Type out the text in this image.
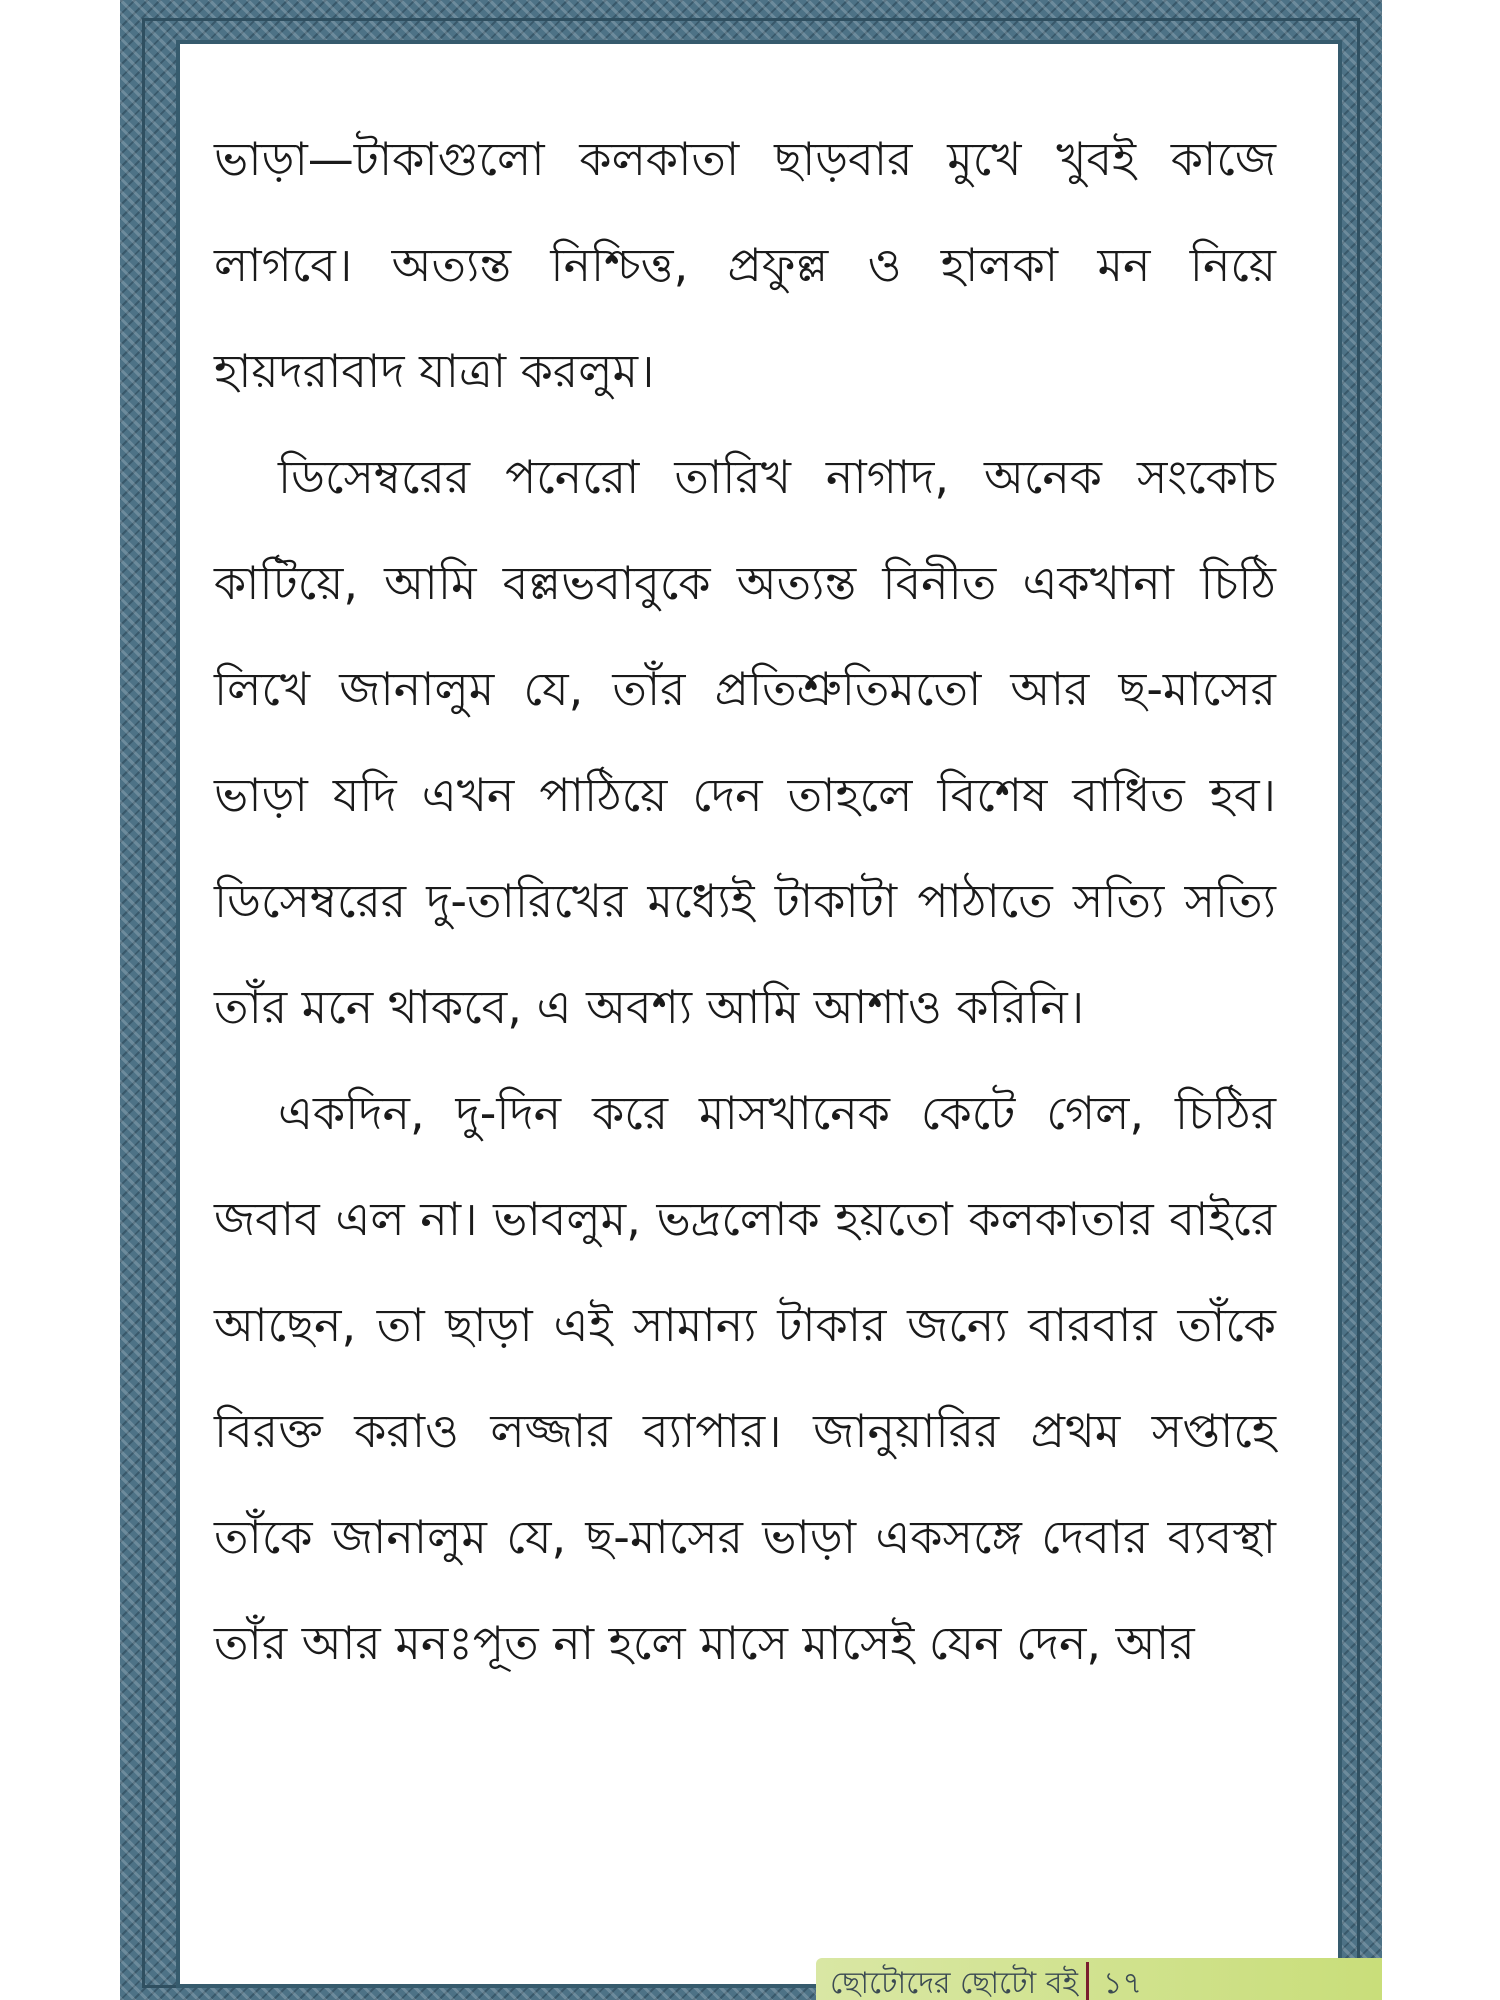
ভাড়া—টাকাগুলো কলকাতা ছাড়বার মুখে খুবই কাজে লাগবে। অত্যন্ত নিশ্চিত্ত, প্রফুল্ল ও হালকা মন নিয়ে হায়দরাবাদ যাত্রা করলুম।

ডিসেম্বরের পনেরো তারিখ নাগাদ, অনেক সংকোচ কাটিয়ে, আমি বল্লভবাবুকে অত্যন্ত বিনীত একখানা চিঠি লিখে জানালুম যে, তাঁর প্রতিশ্রুতিমতো আর ছ-মাসের ভাড়া যদি এখন পাঠিয়ে দেন তাহলে বিশেষ বাধিত হব। ডিসেম্বরের দু-তারিখের মধ্যেই টাকাটা পাঠাতে সত্যি সত্যি তাঁর মনে থাকবে, এ অবশ্য আমি আশাও করিনি।

একদিন, দু-দিন করে মাসখানেক কেটে গেল, চিঠির জবাব এল না। ভাবলুম, ভদ্রলোক হয়তো কলকাতার বাইরে আছেন, তা ছাড়া এই সামান্য টাকার জন্যে বারবার তাঁকে বিরক্ত করাও লজ্জার ব্যাপার। জানুয়ারির প্রথম সপ্তাহে তাঁকে জানালুম যে, ছ-মাসের ভাড়া একসঙ্গে দেবার ব্যবস্থা তাঁর আর মনঃপূত না হলে মাসে মাসেই যেন দেন, আর

ছোটোদের ছোটো বই ১৭
